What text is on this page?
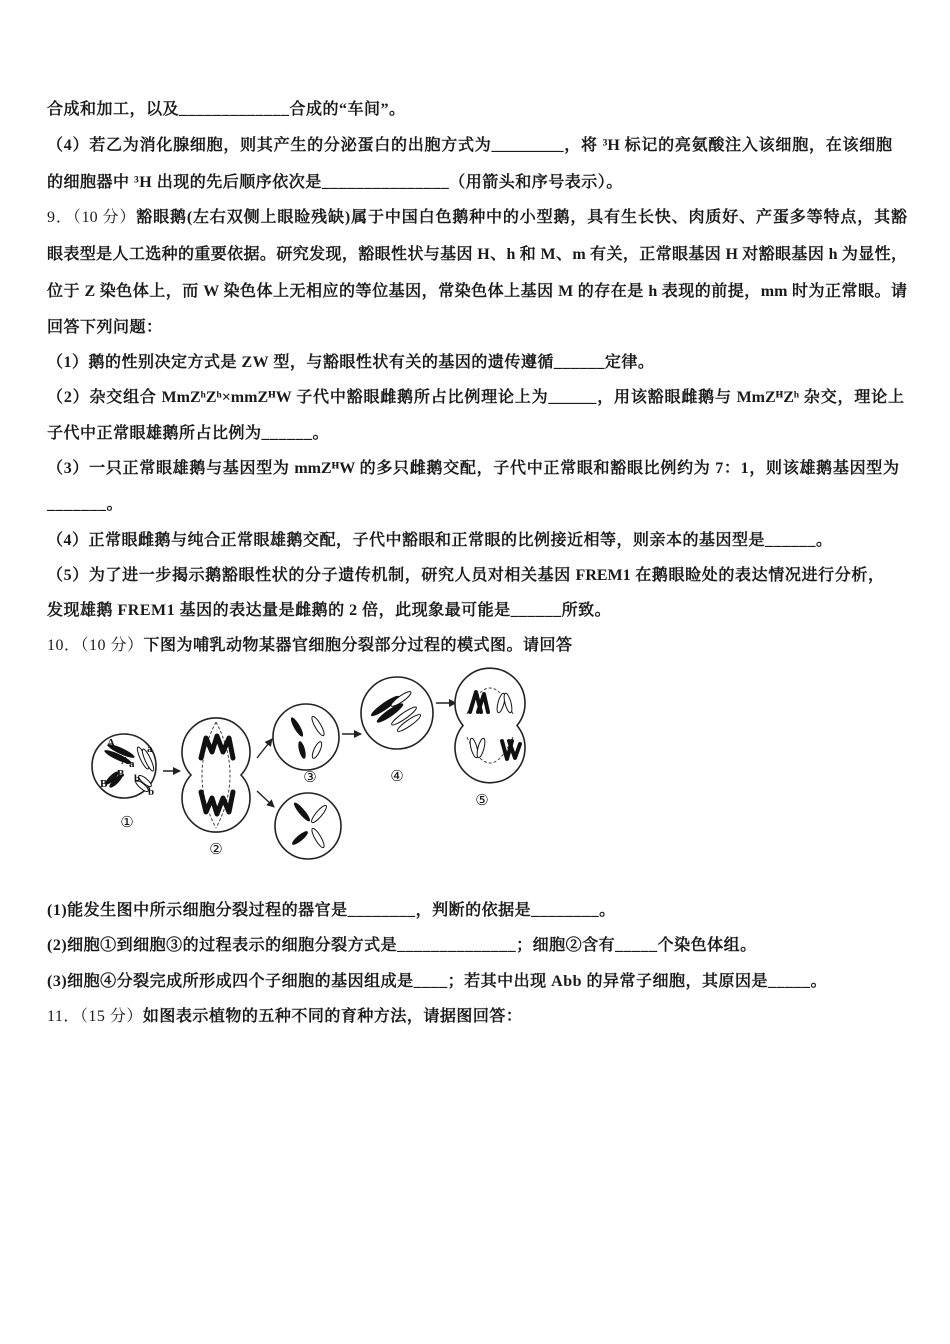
合成和加工，以及_____________合成的“车间”。
（4）若乙为消化腺细胞，则其产生的分泌蛋白的出胞方式为_________，将 ³H 标记的亮氨酸注入该细胞，在该细胞
的细胞器中 ³H 出现的先后顺序依次是_______________（用箭头和序号表示）。
9．（10 分）豁眼鹅(左右双侧上眼睑残缺)属于中国白色鹅种中的小型鹅，具有生长快、肉质好、产蛋多等特点，其豁
眼表型是人工选种的重要依据。研究发现，豁眼性状与基因 H、h 和 M、m 有关，正常眼基因 H 对豁眼基因 h 为显性，
位于 Z 染色体上，而 W 染色体上无相应的等位基因，常染色体上基因 M 的存在是 h 表现的前提，mm 时为正常眼。请
回答下列问题：
（1）鹅的性别决定方式是 ZW 型，与豁眼性状有关的基因的遗传遵循______定律。
（2）杂交组合 MmZʰZʰ×mmZᴴW 子代中豁眼雌鹅所占比例理论上为______，用该豁眼雌鹅与 MmZᴴZʰ 杂交，理论上
子代中正常眼雄鹅所占比例为______。
（3）一只正常眼雄鹅与基因型为 mmZᴴW 的多只雌鹅交配，子代中正常眼和豁眼比例约为 7：1，则该雄鹅基因型为
_______。
（4）正常眼雌鹅与纯合正常眼雄鹅交配，子代中豁眼和正常眼的比例接近相等，则亲本的基因型是______。
（5）为了进一步揭示鹅豁眼性状的分子遗传机制，研究人员对相关基因 FREM1 在鹅眼睑处的表达情况进行分析，
发现雄鹅 FREM1 基因的表达量是雌鹅的 2 倍，此现象最可能是______所致。
10．（10 分）下图为哺乳动物某器官细胞分裂部分过程的模式图。请回答
A	a
A a
B b
B
b
①
②
③	④
⑤
(1)能发生图中所示细胞分裂过程的器官是________，判断的依据是________。
(2)细胞①到细胞③的过程表示的细胞分裂方式是______________；细胞②含有_____个染色体组。
(3)细胞④分裂完成所形成四个子细胞的基因组成是____；若其中出现 Abb 的异常子细胞，其原因是_____。
11．（15 分）如图表示植物的五种不同的育种方法，请据图回答：
